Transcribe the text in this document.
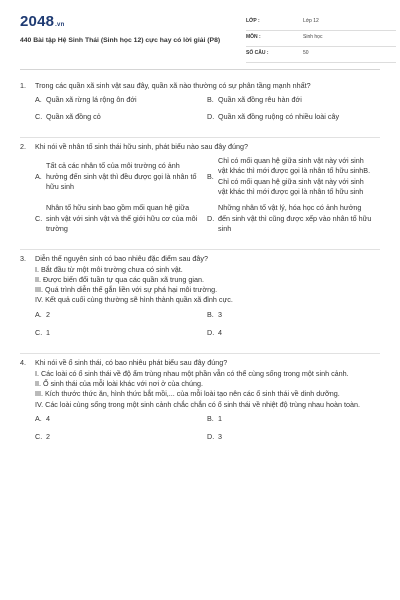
2048.vn
440 Bài tập Hệ Sinh Thái (Sinh học 12) cực hay có lời giải (P8)
LỚP :	Lớp 12
MÔN :	Sinh học
SỐ CÂU :	50
1. Trong các quần xã sinh vật sau đây, quần xã nào thường có sự phân tầng mạnh nhất?
A. Quần xã rừng lá rộng ôn đới	B. Quần xã đồng rêu hàn đới
C. Quần xã đồng cỏ	D. Quần xã đồng ruộng có nhiều loài cây
2. Khi nói về nhân tố sinh thái hữu sinh, phát biểu nào sau đây đúng?
A.
Tất cả các nhân tố của môi trường có ảnh hưởng đến sinh vật thì đều được gọi là nhân tố hữu sinh
B.
Chỉ có mối quan hệ giữa sinh vật này với sinh vật khác thì mới được gọi là nhân tố hữu sinhB. Chỉ có mối quan hệ giữa sinh vật này với sinh vật khác thì mới được gọi là nhân tố hữu sinh
C.
Nhân tố hữu sinh bao gồm mối quan hệ giữa sinh vật với sinh vật và thế giới hữu cơ của môi trường
D.
Những nhân tố vật lý, hóa học có ảnh hưởng đến sinh vật thì cũng được xếp vào nhân tố hữu sinh
3. Diễn thế nguyên sinh có bao nhiêu đặc điểm sau đây?
I. Bắt đầu từ một môi trường chưa có sinh vật.
II. Được biến đổi tuần tự qua các quần xã trung gian.
III. Quá trình diễn thế gắn liền với sự phá hại môi trường.
IV. Kết quả cuối cùng thường sẽ hình thành quần xã đỉnh cực.
A. 2	B. 3
C. 1	D. 4
4. Khi nói về ổ sinh thái, có bao nhiêu phát biểu sau đây đúng?
I. Các loài có ổ sinh thái về độ ẩm trùng nhau một phần vẫn có thể cùng sống trong một sinh cảnh.
II. Ổ sinh thái của mỗi loài khác với nơi ở của chúng.
III. Kích thước thức ăn, hình thức bắt mồi,... của mỗi loài tạo nên các ổ sinh thái về dinh dưỡng.
IV. Các loài cùng sống trong một sinh cảnh chắc chắn có ổ sinh thái về nhiệt độ trùng nhau hoàn toàn.
A. 4	B. 1
C. 2	D. 3
